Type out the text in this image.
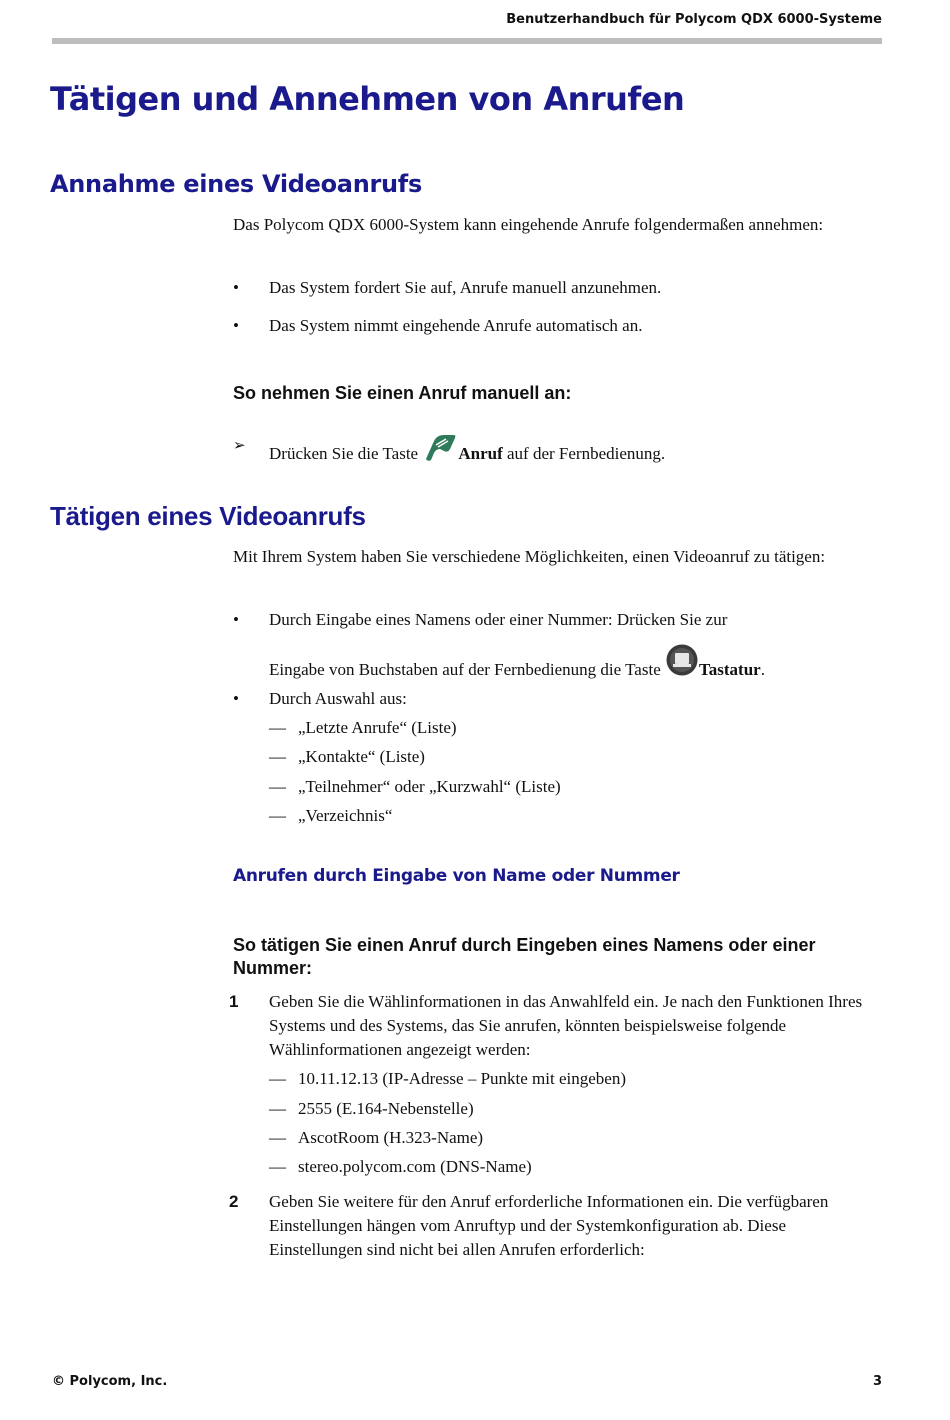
Benutzerhandbuch für Polycom QDX 6000-Systeme
Tätigen und Annehmen von Anrufen
Annahme eines Videoanrufs
Das Polycom QDX 6000-System kann eingehende Anrufe folgendermaßen annehmen:
• Das System fordert Sie auf, Anrufe manuell anzunehmen.
• Das System nimmt eingehende Anrufe automatisch an.
So nehmen Sie einen Anruf manuell an:
➢ Drücken Sie die Taste Anruf auf der Fernbedienung.
Tätigen eines Videoanrufs
Mit Ihrem System haben Sie verschiedene Möglichkeiten, einen Videoanruf zu tätigen:
• Durch Eingabe eines Namens oder einer Nummer: Drücken Sie zur
Eingabe von Buchstaben auf der Fernbedienung die Taste Tastatur.
• Durch Auswahl aus:
— „Letzte Anrufe“ (Liste)
— „Kontakte“ (Liste)
— „Teilnehmer“ oder „Kurzwahl“ (Liste)
— „Verzeichnis“
Anrufen durch Eingabe von Name oder Nummer
So tätigen Sie einen Anruf durch Eingeben eines Namens oder einer Nummer:
1 Geben Sie die Wählinformationen in das Anwahlfeld ein. Je nach den Funktionen Ihres Systems und des Systems, das Sie anrufen, könnten beispielsweise folgende Wählinformationen angezeigt werden:
— 10.11.12.13 (IP-Adresse – Punkte mit eingeben)
— 2555 (E.164-Nebenstelle)
— AscotRoom (H.323-Name)
— stereo.polycom.com (DNS-Name)
2 Geben Sie weitere für den Anruf erforderliche Informationen ein. Die verfügbaren Einstellungen hängen vom Anruftyp und der Systemkonfiguration ab. Diese Einstellungen sind nicht bei allen Anrufen erforderlich:
© Polycom, Inc.	3
